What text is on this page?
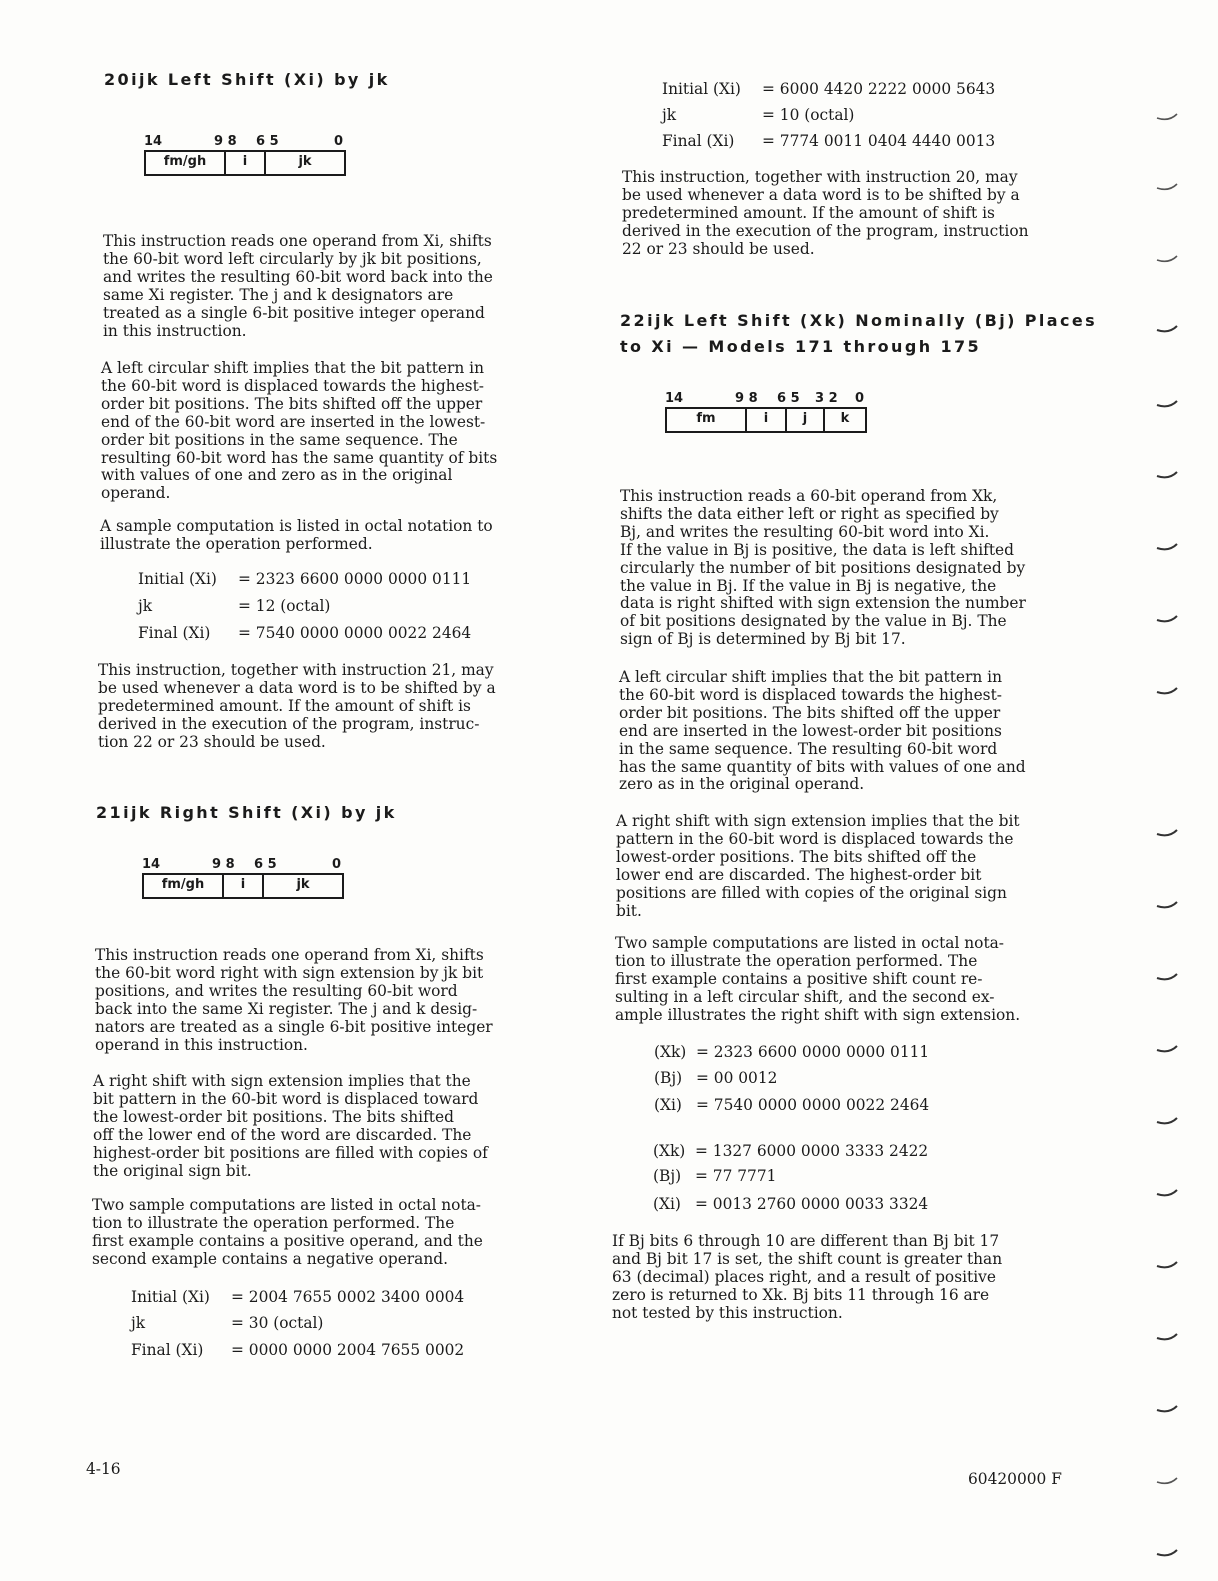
20ijk Left Shift (Xi) by jk
14	9 8 6 5	0
fm/gh	i	jk
This instruction reads one operand from Xi, shifts
the 60-bit word left circularly by jk bit positions,
and writes the resulting 60-bit word back into the
same Xi register. The j and k designators are
treated as a single 6-bit positive integer operand
in this instruction.
A left circular shift implies that the bit pattern in
the 60-bit word is displaced towards the highest-
order bit positions. The bits shifted off the upper
end of the 60-bit word are inserted in the lowest-
order bit positions in the same sequence. The
resulting 60-bit word has the same quantity of bits
with values of one and zero as in the original
operand.
A sample computation is listed in octal notation to
illustrate the operation performed.
Initial (Xi) = 2323 6600 0000 0000 0111
jk	= 12 (octal)
Final (Xi) = 7540 0000 0000 0022 2464
This instruction, together with instruction 21, may
be used whenever a data word is to be shifted by a
predetermined amount. If the amount of shift is
derived in the execution of the program, instruc-
tion 22 or 23 should be used.
21ijk Right Shift (Xi) by jk
14	9 8 6 5	0
fm/gh	i	jk
This instruction reads one operand from Xi, shifts
the 60-bit word right with sign extension by jk bit
positions, and writes the resulting 60-bit word
back into the same Xi register. The j and k desig-
nators are treated as a single 6-bit positive integer
operand in this instruction.
A right shift with sign extension implies that the
bit pattern in the 60-bit word is displaced toward
the lowest-order bit positions. The bits shifted
off the lower end of the word are discarded. The
highest-order bit positions are filled with copies of
the original sign bit.
Two sample computations are listed in octal nota-
tion to illustrate the operation performed. The
first example contains a positive operand, and the
second example contains a negative operand.
Initial (Xi) = 2004 7655 0002 3400 0004
jk	= 30 (octal)
Final (Xi) = 0000 0000 2004 7655 0002
4-16
Initial (Xi) = 6000 4420 2222 0000 5643
jk	= 10 (octal)
Final (Xi) = 7774 0011 0404 4440 0013
This instruction, together with instruction 20, may
be used whenever a data word is to be shifted by a
predetermined amount. If the amount of shift is
derived in the execution of the program, instruction
22 or 23 should be used.
22ijk Left Shift (Xk) Nominally (Bj) Places
to Xi — Models 171 through 175
14	9 8 6 5 3 2 0
fm	i	j	k
This instruction reads a 60-bit operand from Xk,
shifts the data either left or right as specified by
Bj, and writes the resulting 60-bit word into Xi.
If the value in Bj is positive, the data is left shifted
circularly the number of bit positions designated by
the value in Bj. If the value in Bj is negative, the
data is right shifted with sign extension the number
of bit positions designated by the value in Bj. The
sign of Bj is determined by Bj bit 17.
A left circular shift implies that the bit pattern in
the 60-bit word is displaced towards the highest-
order bit positions. The bits shifted off the upper
end are inserted in the lowest-order bit positions
in the same sequence. The resulting 60-bit word
has the same quantity of bits with values of one and
zero as in the original operand.
A right shift with sign extension implies that the bit
pattern in the 60-bit word is displaced towards the
lowest-order positions. The bits shifted off the
lower end are discarded. The highest-order bit
positions are filled with copies of the original sign
bit.
Two sample computations are listed in octal nota-
tion to illustrate the operation performed. The
first example contains a positive shift count re-
sulting in a left circular shift, and the second ex-
ample illustrates the right shift with sign extension.
(Xk) = 2323 6600 0000 0000 0111
(Bj) = 00 0012
(Xi) = 7540 0000 0000 0022 2464
(Xk) = 1327 6000 0000 3333 2422
(Bj) = 77 7771
(Xi) = 0013 2760 0000 0033 3324
If Bj bits 6 through 10 are different than Bj bit 17
and Bj bit 17 is set, the shift count is greater than
63 (decimal) places right, and a result of positive
zero is returned to Xk. Bj bits 11 through 16 are
not tested by this instruction.
60420000 F
